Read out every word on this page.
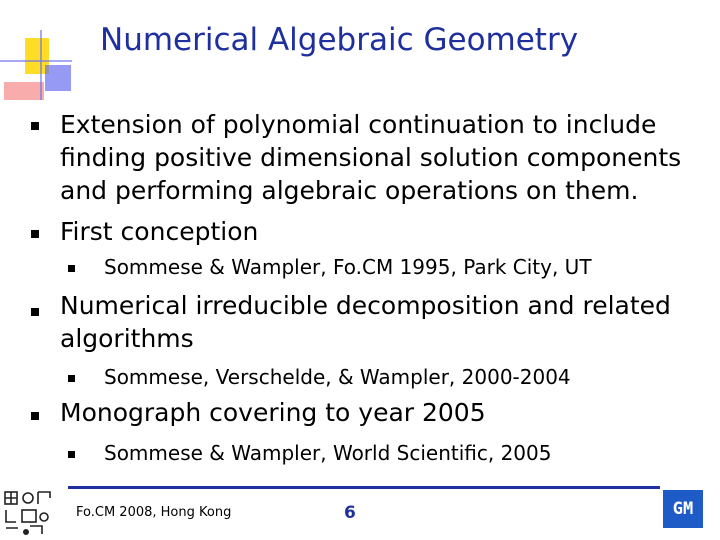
Numerical Algebraic Geometry
Extension of polynomial continuation to include
finding positive dimensional solution components
and performing algebraic operations on them.
First conception
Sommese & Wampler, Fo.CM 1995, Park City, UT
Numerical irreducible decomposition and related
algorithms
Sommese, Verschelde, & Wampler, 2000-2004
Monograph covering to year 2005
Sommese & Wampler, World Scientific, 2005
Fo.CM 2008, Hong Kong	6	GM
